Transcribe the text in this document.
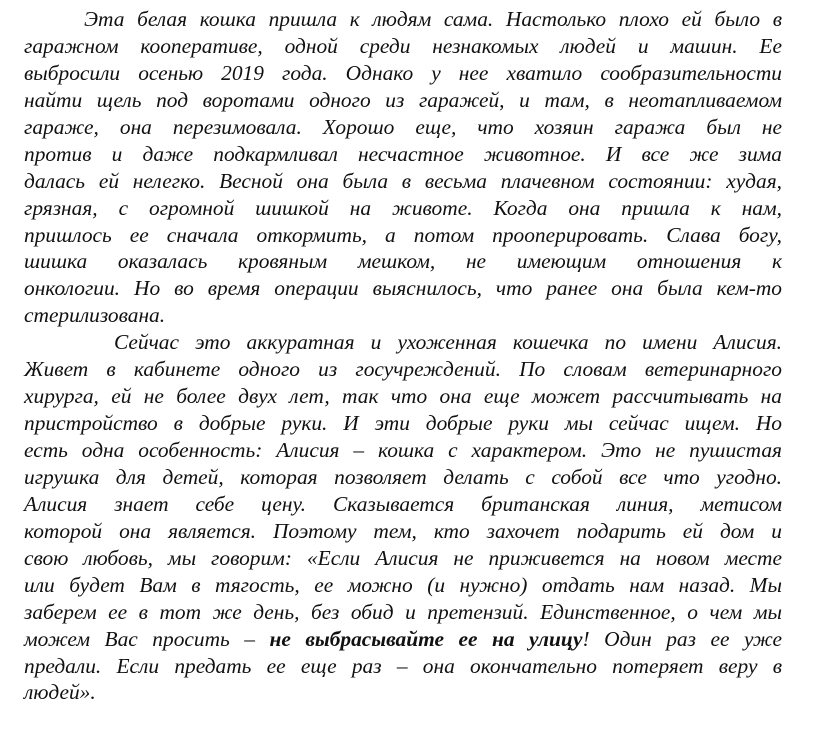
Эта белая кошка пришла к людям сама. Настолько плохо ей было в
гаражном кооперативе, одной среди незнакомых людей и машин. Ее
выбросили осенью 2019 года. Однако у нее хватило сообразительности
найти щель под воротами одного из гаражей, и там, в неотапливаемом
гараже, она перезимовала. Хорошо еще, что хозяин гаража был не
против и даже подкармливал несчастное животное. И все же зима
далась ей нелегко. Весной она была в весьма плачевном состоянии: худая,
грязная, с огромной шишкой на животе. Когда она пришла к нам,
пришлось ее сначала откормить, а потом прооперировать. Слава богу,
шишка оказалась кровяным мешком, не имеющим отношения к
онкологии. Но во время операции выяснилось, что ранее она была кем-то
стерилизована.
Сейчас это аккуратная и ухоженная кошечка по имени Алисия.
Живет в кабинете одного из госучреждений. По словам ветеринарного
хирурга, ей не более двух лет, так что она еще может рассчитывать на
пристройство в добрые руки. И эти добрые руки мы сейчас ищем. Но
есть одна особенность: Алисия – кошка с характером. Это не пушистая
игрушка для детей, которая позволяет делать с собой все что угодно.
Алисия знает себе цену. Сказывается британская линия, метисом
которой она является. Поэтому тем, кто захочет подарить ей дом и
свою любовь, мы говорим: «Если Алисия не приживется на новом месте
или будет Вам в тягость, ее можно (и нужно) отдать нам назад. Мы
заберем ее в тот же день, без обид и претензий. Единственное, о чем мы
можем Вас просить – не выбрасывайте ее на улицу! Один раз ее уже
предали. Если предать ее еще раз – она окончательно потеряет веру в
людей».
